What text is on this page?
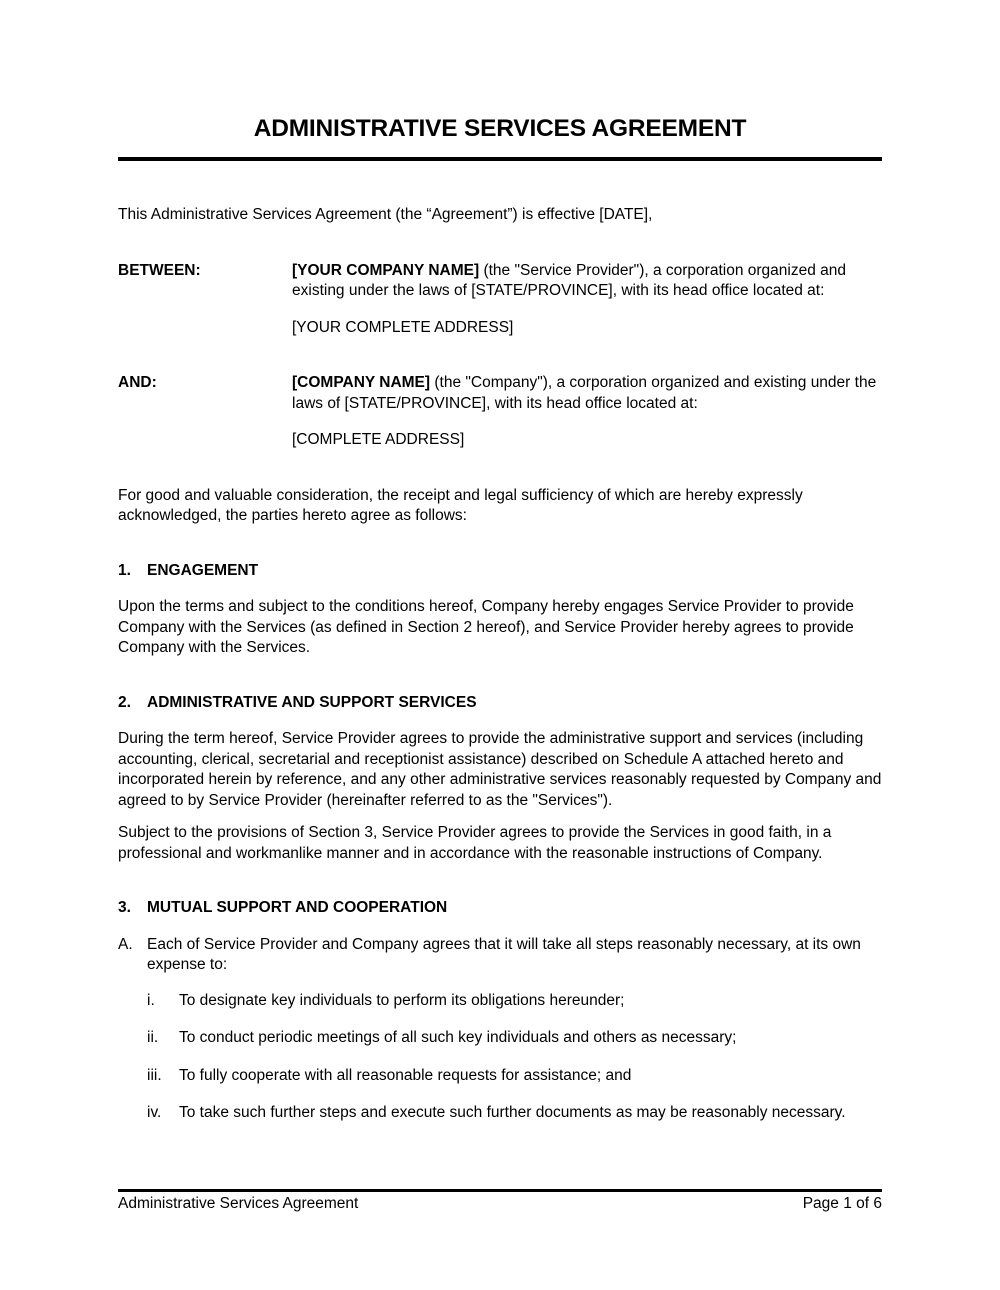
ADMINISTRATIVE SERVICES AGREEMENT

This Administrative Services Agreement (the “Agreement”) is effective [DATE],

BETWEEN:	[YOUR COMPANY NAME] (the "Service Provider"), a corporation organized and existing under the laws of [STATE/PROVINCE], with its head office located at:

[YOUR COMPLETE ADDRESS]

AND:	[COMPANY NAME] (the "Company"), a corporation organized and existing under the laws of [STATE/PROVINCE], with its head office located at:

[COMPLETE ADDRESS]

For good and valuable consideration, the receipt and legal sufficiency of which are hereby expressly acknowledged, the parties hereto agree as follows:

1.	ENGAGEMENT

Upon the terms and subject to the conditions hereof, Company hereby engages Service Provider to provide Company with the Services (as defined in Section 2 hereof), and Service Provider hereby agrees to provide Company with the Services.

2.	ADMINISTRATIVE AND SUPPORT SERVICES

During the term hereof, Service Provider agrees to provide the administrative support and services (including accounting, clerical, secretarial and receptionist assistance) described on Schedule A attached hereto and incorporated herein by reference, and any other administrative services reasonably requested by Company and agreed to by Service Provider (hereinafter referred to as the "Services").

Subject to the provisions of Section 3, Service Provider agrees to provide the Services in good faith, in a professional and workmanlike manner and in accordance with the reasonable instructions of Company.

3.	MUTUAL SUPPORT AND COOPERATION
A. Each of Service Provider and Company agrees that it will take all steps reasonably necessary, at its own expense to:

i.	To designate key individuals to perform its obligations hereunder;

ii.	To conduct periodic meetings of all such key individuals and others as necessary;

iii.	To fully cooperate with all reasonable requests for assistance; and

iv.	To take such further steps and execute such further documents as may be reasonably necessary.

Administrative Services Agreement	Page 1 of 6
